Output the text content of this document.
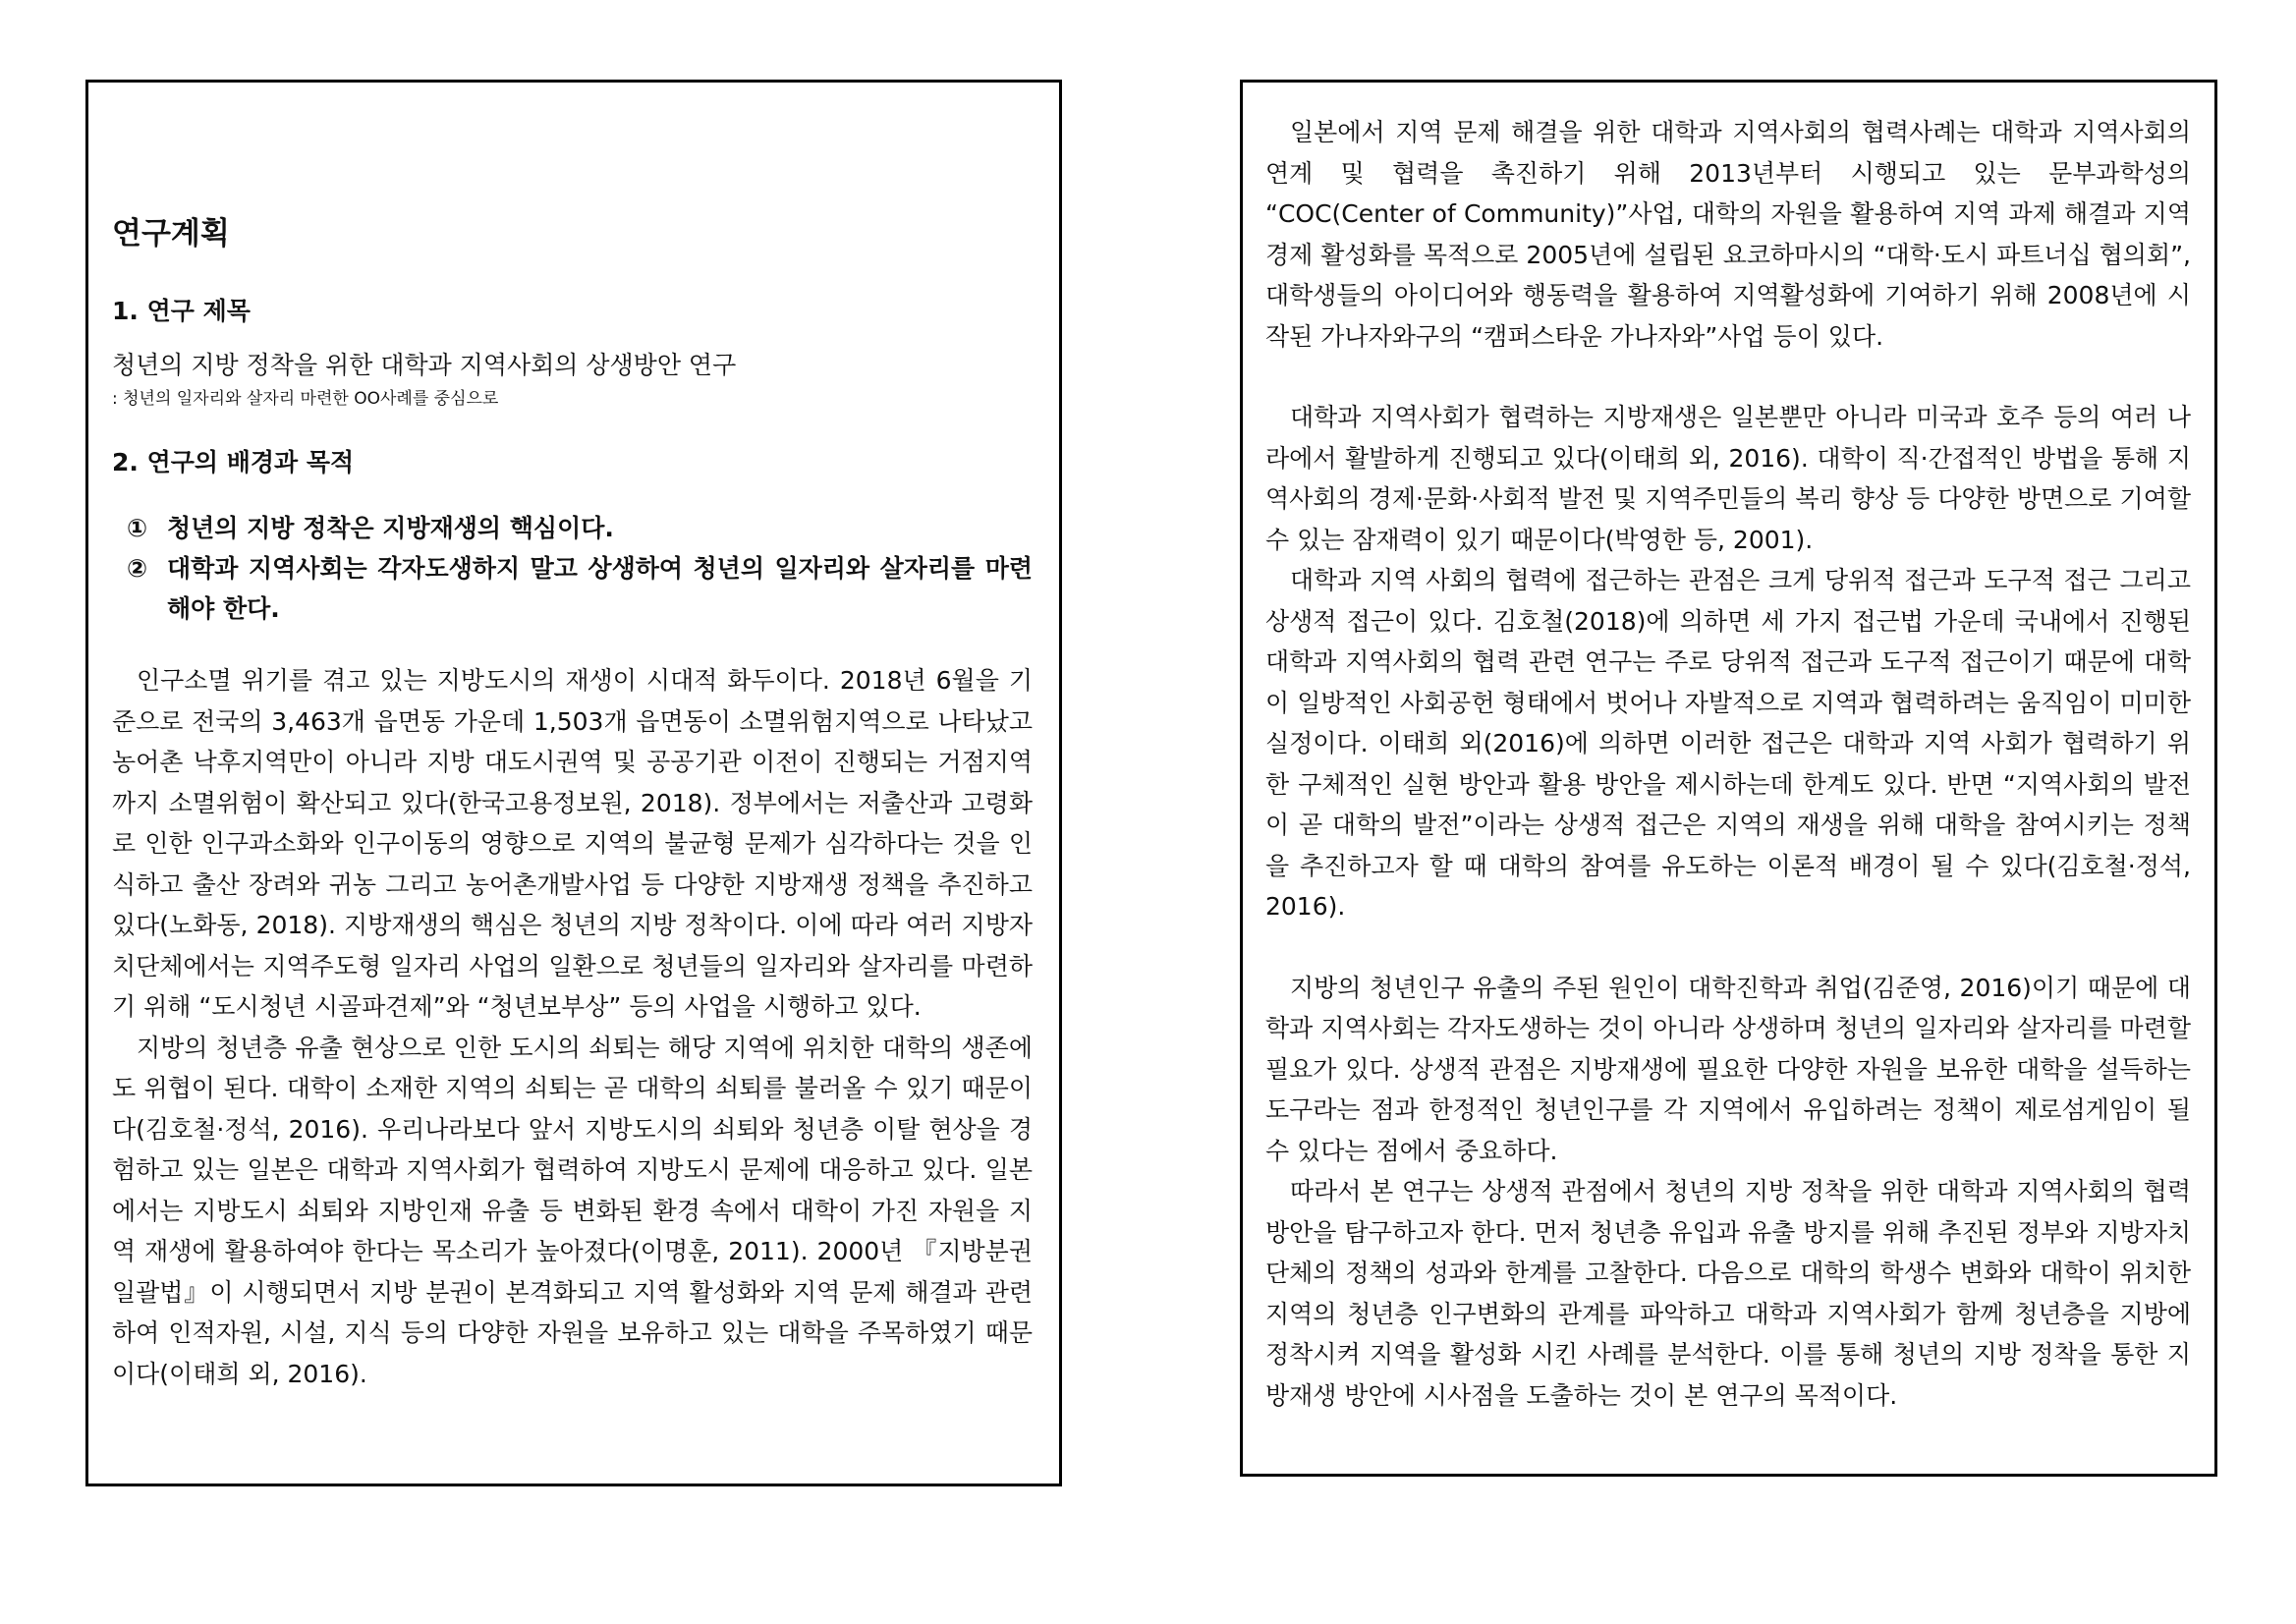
연구계획
1. 연구 제목

청년의 지방 정착을 위한 대학과 지역사회의 상생방안 연구

: 청년의 일자리와 살자리 마련한 OO사례를 중심으로

2. 연구의 배경과 목적
① 청년의 지방 정착은 지방재생의 핵심이다.
② 대학과 지역사회는 각자도생하지 말고 상생하여 청년의 일자리와 살자리를 마련해야 한다.

인구소멸 위기를 겪고 있는 지방도시의 재생이 시대적 화두이다. 2018년 6월을 기준으로 전국의 3,463개 읍면동 가운데 1,503개 읍면동이 소멸위험지역으로 나타났고 농어촌 낙후지역만이 아니라 지방 대도시권역 및 공공기관 이전이 진행되는 거점지역까지 소멸위험이 확산되고 있다(한국고용정보원, 2018). 정부에서는 저출산과 고령화로 인한 인구과소화와 인구이동의 영향으로 지역의 불균형 문제가 심각하다는 것을 인식하고 출산 장려와 귀농 그리고 농어촌개발사업 등 다양한 지방재생 정책을 추진하고 있다(노화동, 2018). 지방재생의 핵심은 청년의 지방 정착이다. 이에 따라 여러 지방자치단체에서는 지역주도형 일자리 사업의 일환으로 청년들의 일자리와 살자리를 마련하기 위해 “도시청년 시골파견제”와 “청년보부상” 등의 사업을 시행하고 있다.

지방의 청년층 유출 현상으로 인한 도시의 쇠퇴는 해당 지역에 위치한 대학의 생존에도 위협이 된다. 대학이 소재한 지역의 쇠퇴는 곧 대학의 쇠퇴를 불러올 수 있기 때문이다(김호철·정석, 2016). 우리나라보다 앞서 지방도시의 쇠퇴와 청년층 이탈 현상을 경험하고 있는 일본은 대학과 지역사회가 협력하여 지방도시 문제에 대응하고 있다. 일본에서는 지방도시 쇠퇴와 지방인재 유출 등 변화된 환경 속에서 대학이 가진 자원을 지역 재생에 활용하여야 한다는 목소리가 높아졌다(이명훈, 2011). 2000년 『지방분권일괄법』이 시행되면서 지방 분권이 본격화되고 지역 활성화와 지역 문제 해결과 관련하여 인적자원, 시설, 지식 등의 다양한 자원을 보유하고 있는 대학을 주목하였기 때문이다(이태희 외, 2016).

일본에서 지역 문제 해결을 위한 대학과 지역사회의 협력사례는 대학과 지역사회의 연계 및 협력을 촉진하기 위해 2013년부터 시행되고 있는 문부과학성의 “COC(Center of Community)”사업, 대학의 자원을 활용하여 지역 과제 해결과 지역경제 활성화를 목적으로 2005년에 설립된 요코하마시의 “대학·도시 파트너십 협의회”, 대학생들의 아이디어와 행동력을 활용하여 지역활성화에 기여하기 위해 2008년에 시작된 가나자와구의 “캠퍼스타운 가나자와”사업 등이 있다.

대학과 지역사회가 협력하는 지방재생은 일본뿐만 아니라 미국과 호주 등의 여러 나라에서 활발하게 진행되고 있다(이태희 외, 2016). 대학이 직·간접적인 방법을 통해 지역사회의 경제·문화·사회적 발전 및 지역주민들의 복리 향상 등 다양한 방면으로 기여할 수 있는 잠재력이 있기 때문이다(박영한 등, 2001).

대학과 지역 사회의 협력에 접근하는 관점은 크게 당위적 접근과 도구적 접근 그리고 상생적 접근이 있다. 김호철(2018)에 의하면 세 가지 접근법 가운데 국내에서 진행된 대학과 지역사회의 협력 관련 연구는 주로 당위적 접근과 도구적 접근이기 때문에 대학이 일방적인 사회공헌 형태에서 벗어나 자발적으로 지역과 협력하려는 움직임이 미미한 실정이다. 이태희 외(2016)에 의하면 이러한 접근은 대학과 지역 사회가 협력하기 위한 구체적인 실현 방안과 활용 방안을 제시하는데 한계도 있다. 반면 “지역사회의 발전이 곧 대학의 발전”이라는 상생적 접근은 지역의 재생을 위해 대학을 참여시키는 정책을 추진하고자 할 때 대학의 참여를 유도하는 이론적 배경이 될 수 있다(김호철·정석, 2016).

지방의 청년인구 유출의 주된 원인이 대학진학과 취업(김준영, 2016)이기 때문에 대학과 지역사회는 각자도생하는 것이 아니라 상생하며 청년의 일자리와 살자리를 마련할 필요가 있다. 상생적 관점은 지방재생에 필요한 다양한 자원을 보유한 대학을 설득하는 도구라는 점과 한정적인 청년인구를 각 지역에서 유입하려는 정책이 제로섬게임이 될 수 있다는 점에서 중요하다.

따라서 본 연구는 상생적 관점에서 청년의 지방 정착을 위한 대학과 지역사회의 협력방안을 탐구하고자 한다. 먼저 청년층 유입과 유출 방지를 위해 추진된 정부와 지방자치단체의 정책의 성과와 한계를 고찰한다. 다음으로 대학의 학생수 변화와 대학이 위치한 지역의 청년층 인구변화의 관계를 파악하고 대학과 지역사회가 함께 청년층을 지방에 정착시켜 지역을 활성화 시킨 사례를 분석한다. 이를 통해 청년의 지방 정착을 통한 지방재생 방안에 시사점을 도출하는 것이 본 연구의 목적이다.
